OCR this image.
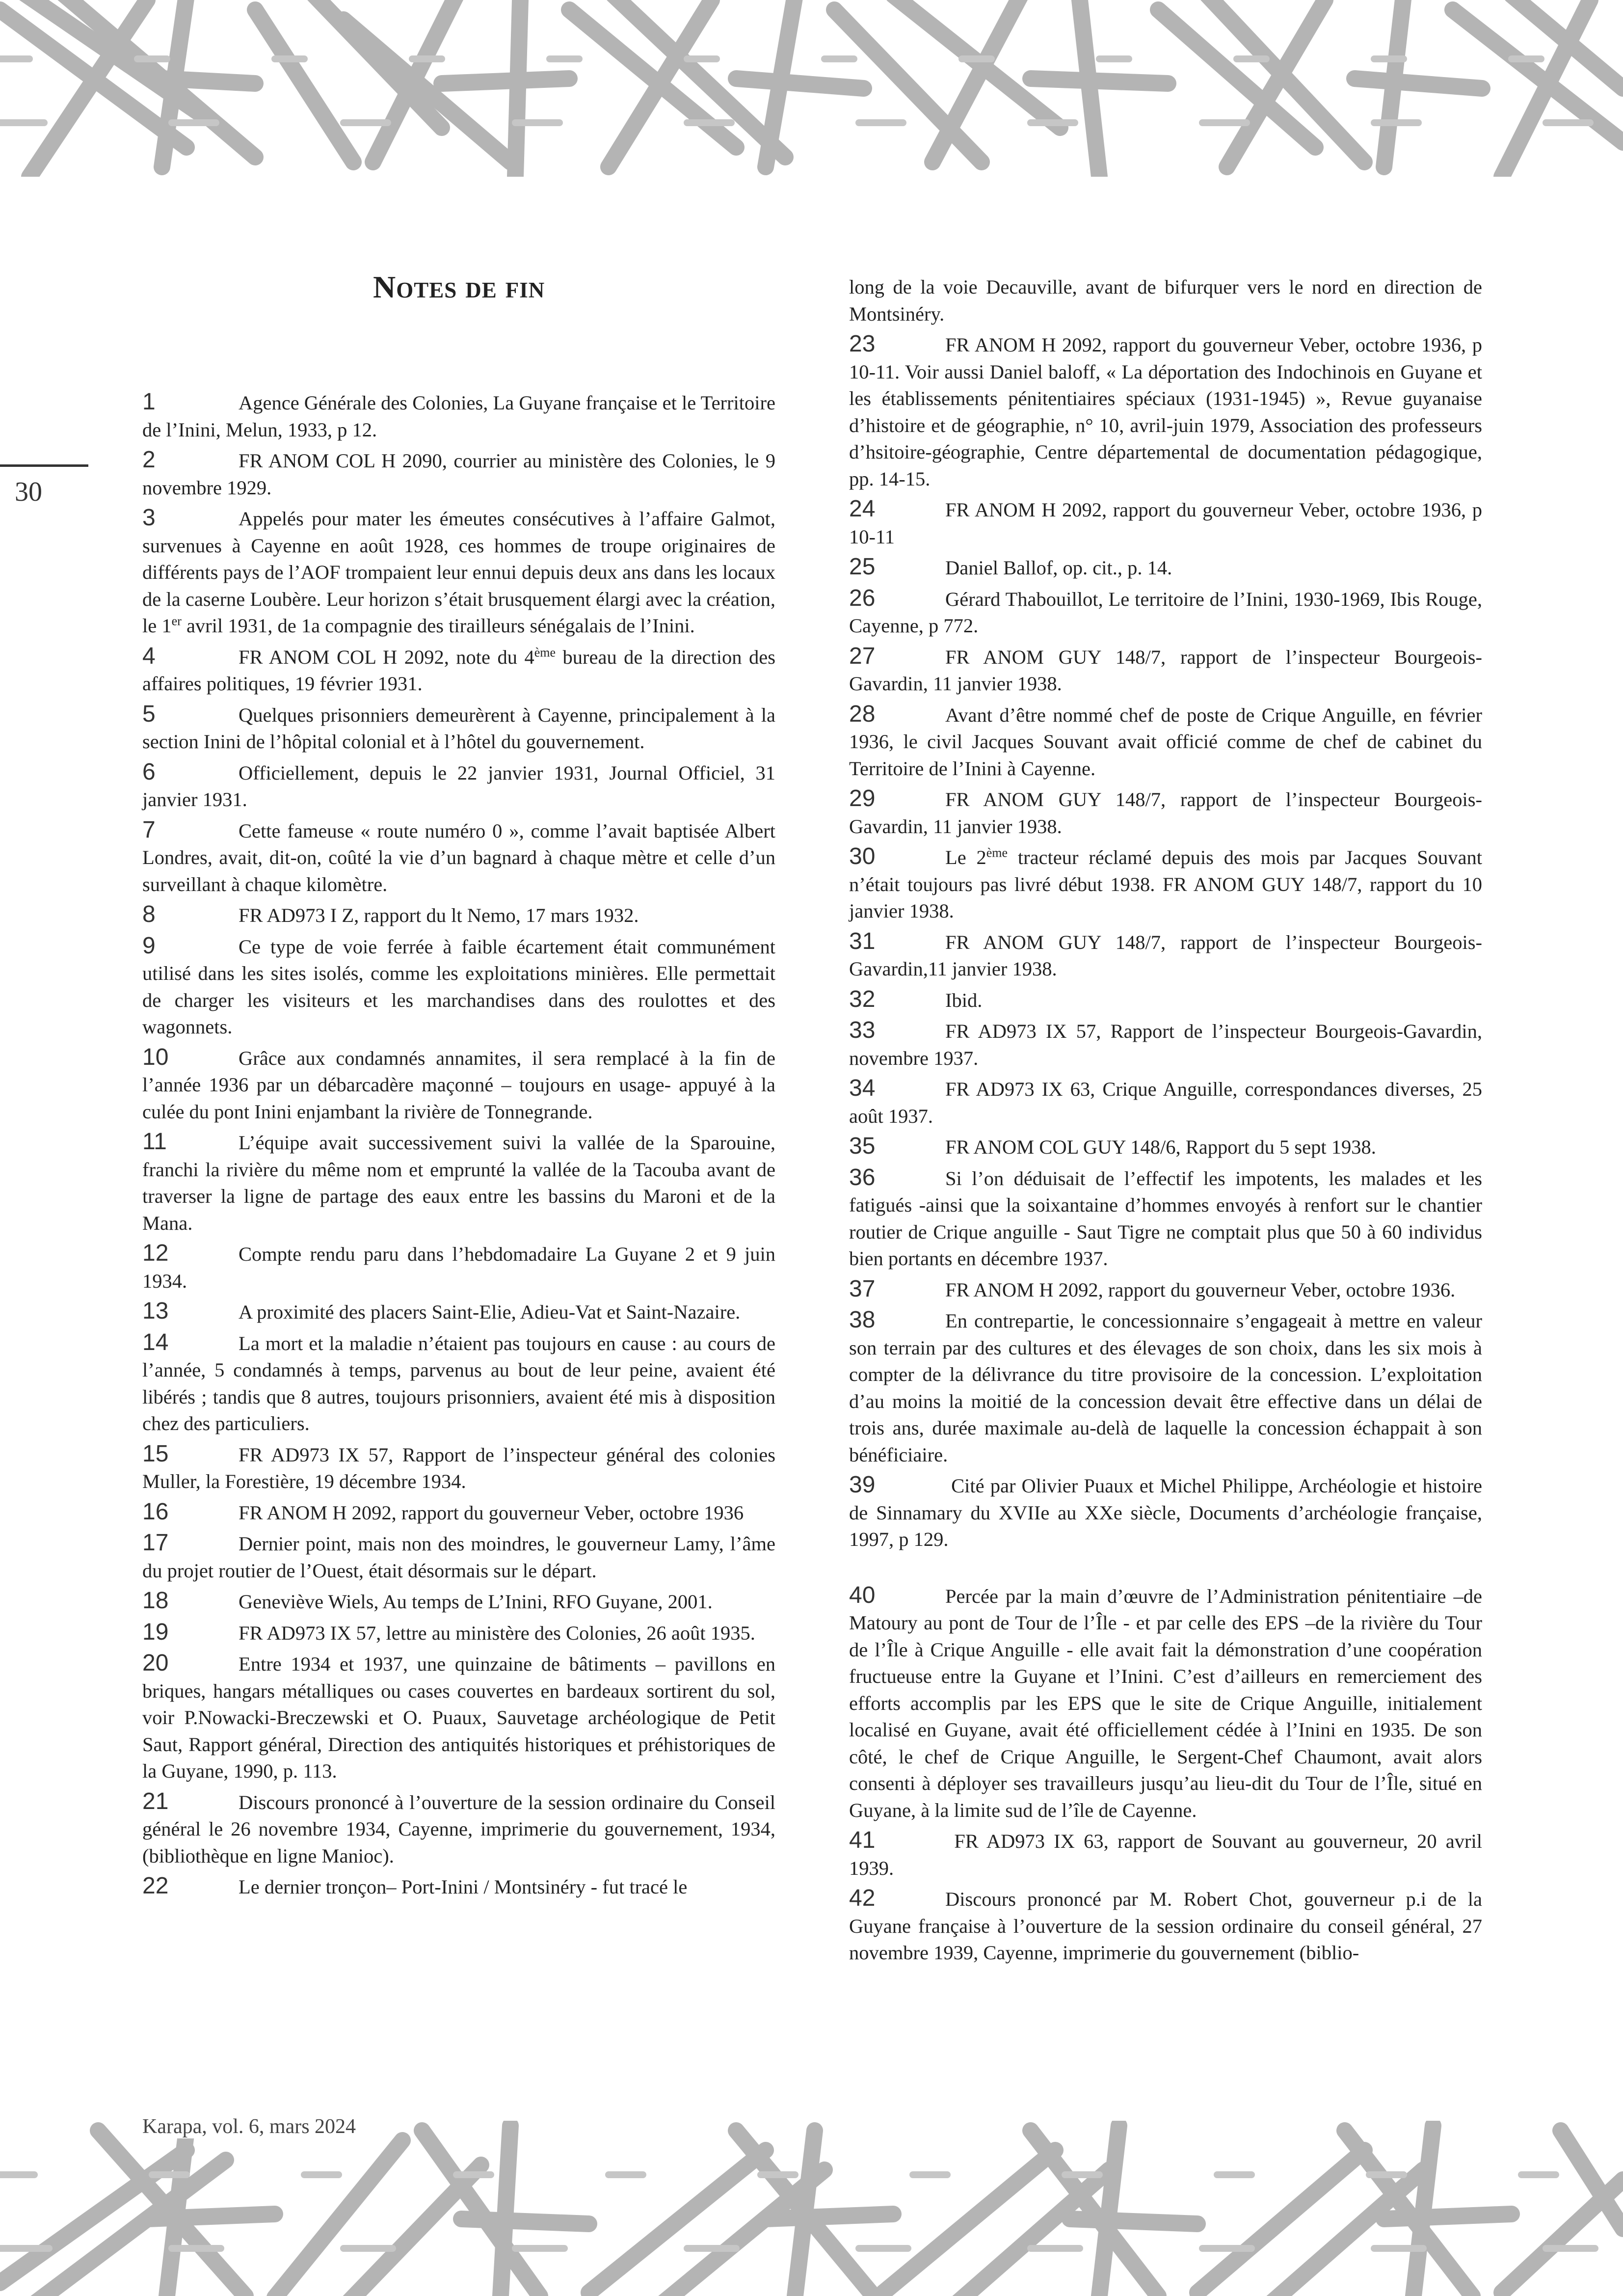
30
Notes de fin

1	Agence Générale des Colonies, La Guyane française et le Territoire de l’Inini, Melun, 1933, p 12.

2	FR ANOM COL H 2090, courrier au ministère des Colonies, le 9 novembre 1929.

3	Appelés pour mater les émeutes consécutives à l’affaire Galmot, survenues à Cayenne en août 1928, ces hommes de troupe originaires de différents pays de l’AOF trompaient leur ennui depuis deux ans dans les locaux de la caserne Loubère. Leur horizon s’était brusquement élargi avec la création, le 1er avril 1931, de 1a compagnie des tirailleurs sénégalais de l’Inini.

4	FR ANOM COL H 2092, note du 4ème bureau de la direction des affaires politiques, 19 février 1931.

5	Quelques prisonniers demeurèrent à Cayenne, principalement à la section Inini de l’hôpital colonial et à l’hôtel du gouvernement.

6	Officiellement, depuis le 22 janvier 1931, Journal Officiel, 31 janvier 1931.

7	Cette fameuse « route numéro 0 », comme l’avait baptisée Albert Londres, avait, dit-on, coûté la vie d’un bagnard à chaque mètre et celle d’un surveillant à chaque kilomètre.

8	FR AD973 I Z, rapport du lt Nemo, 17 mars 1932.

9	Ce type de voie ferrée à faible écartement était communément utilisé dans les sites isolés, comme les exploitations minières. Elle permettait de charger les visiteurs et les marchandises dans des roulottes et des wagonnets.

10	Grâce aux condamnés annamites, il sera remplacé à la fin de l’année 1936 par un débarcadère maçonné – toujours en usage- appuyé à la culée du pont Inini enjambant la rivière de Tonnegrande.

11	L’équipe avait successivement suivi la vallée de la Sparouine, franchi la rivière du même nom et emprunté la vallée de la Tacouba avant de traverser la ligne de partage des eaux entre les bassins du Maroni et de la Mana.

12	Compte rendu paru dans l’hebdomadaire La Guyane 2 et 9 juin 1934.

13	A proximité des placers Saint-Elie, Adieu-Vat et Saint-Nazaire.

14	La mort et la maladie n’étaient pas toujours en cause : au cours de l’année, 5 condamnés à temps, parvenus au bout de leur peine, avaient été libérés ; tandis que 8 autres, toujours prisonniers, avaient été mis à disposition chez des particuliers.

15	FR AD973 IX 57, Rapport de l’inspecteur général des colonies Muller, la Forestière, 19 décembre 1934.

16	FR ANOM H 2092, rapport du gouverneur Veber, octobre 1936

17	Dernier point, mais non des moindres, le gouverneur Lamy, l’âme du projet routier de l’Ouest, était désormais sur le départ.

18	Geneviève Wiels, Au temps de L’Inini, RFO Guyane, 2001.

19	FR AD973 IX 57, lettre au ministère des Colonies, 26 août 1935.

20	Entre 1934 et 1937, une quinzaine de bâtiments – pavillons en briques, hangars métalliques ou cases couvertes en bardeaux sortirent du sol, voir P.Nowacki-Breczewski et O. Puaux, Sauvetage archéologique de Petit Saut, Rapport général, Direction des antiquités historiques et préhistoriques de la Guyane, 1990, p. 113.

21	Discours prononcé à l’ouverture de la session ordinaire du Conseil général le 26 novembre 1934, Cayenne, imprimerie du gouvernement, 1934, (bibliothèque en ligne Manioc).

22	Le dernier tronçon– Port-Inini / Montsinéry - fut tracé le

long de la voie Decauville, avant de bifurquer vers le nord en direction de Montsinéry.

23	FR ANOM H 2092, rapport du gouverneur Veber, octobre 1936, p 10-11. Voir aussi Daniel baloff, « La déportation des Indochinois en Guyane et les établissements pénitentiaires spéciaux (1931-1945) », Revue guyanaise d’histoire et de géographie, n° 10, avril-juin 1979, Association des professeurs d’hsitoire-géographie, Centre départemental de documentation pédagogique, pp. 14-15.

24	FR ANOM H 2092, rapport du gouverneur Veber, octobre 1936, p 10-11

25	Daniel Ballof, op. cit., p. 14.

26	Gérard Thabouillot, Le territoire de l’Inini, 1930-1969, Ibis Rouge, Cayenne, p 772.

27	FR ANOM GUY 148/7, rapport de l’inspecteur Bourgeois-Gavardin, 11 janvier 1938.

28	Avant d’être nommé chef de poste de Crique Anguille, en février 1936, le civil Jacques Souvant avait officié comme de chef de cabinet du Territoire de l’Inini à Cayenne.

29	FR ANOM GUY 148/7, rapport de l’inspecteur Bourgeois-Gavardin, 11 janvier 1938.

30	Le 2ème tracteur réclamé depuis des mois par Jacques Souvant n’était toujours pas livré début 1938. FR ANOM GUY 148/7, rapport du 10 janvier 1938.

31	FR ANOM GUY 148/7, rapport de l’inspecteur Bourgeois-Gavardin,11 janvier 1938.

32	Ibid.

33	FR AD973 IX 57, Rapport de l’inspecteur Bourgeois-Gavardin, novembre 1937.

34	FR AD973 IX 63, Crique Anguille, correspondances diverses, 25 août 1937.

35	FR ANOM COL GUY 148/6, Rapport du 5 sept 1938.

36	Si l’on déduisait de l’effectif les impotents, les malades et les fatigués -ainsi que la soixantaine d’hommes envoyés à renfort sur le chantier routier de Crique anguille - Saut Tigre ne comptait plus que 50 à 60 individus bien portants en décembre 1937.

37	FR ANOM H 2092, rapport du gouverneur Veber, octobre 1936.

38	En contrepartie, le concessionnaire s’engageait à mettre en valeur son terrain par des cultures et des élevages de son choix, dans les six mois à compter de la délivrance du titre provisoire de la concession. L’exploitation d’au moins la moitié de la concession devait être effective dans un délai de trois ans, durée maximale au-delà de laquelle la concession échappait à son bénéficiaire.

39	Cité par Olivier Puaux et Michel Philippe, Archéologie et histoire de Sinnamary du XVIIe au XXe siècle, Documents d’archéologie française, 1997, p 129.

40	Percée par la main d’œuvre de l’Administration pénitentiaire –de Matoury au pont de Tour de l’Île - et par celle des EPS –de la rivière du Tour de l’Île à Crique Anguille - elle avait fait la démonstration d’une coopération fructueuse entre la Guyane et l’Inini. C’est d’ailleurs en remerciement des efforts accomplis par les EPS que le site de Crique Anguille, initialement localisé en Guyane, avait été officiellement cédée à l’Inini en 1935. De son côté, le chef de Crique Anguille, le Sergent-Chef Chaumont, avait alors consenti à déployer ses travailleurs jusqu’au lieu-dit du Tour de l’Île, situé en Guyane, à la limite sud de l’île de Cayenne.

41	FR AD973 IX 63, rapport de Souvant au gouverneur, 20 avril 1939.

42	Discours prononcé par M. Robert Chot, gouverneur p.i de la Guyane française à l’ouverture de la session ordinaire du conseil général, 27 novembre 1939, Cayenne, imprimerie du gouvernement (biblio-

Karapa, vol. 6, mars 2024
